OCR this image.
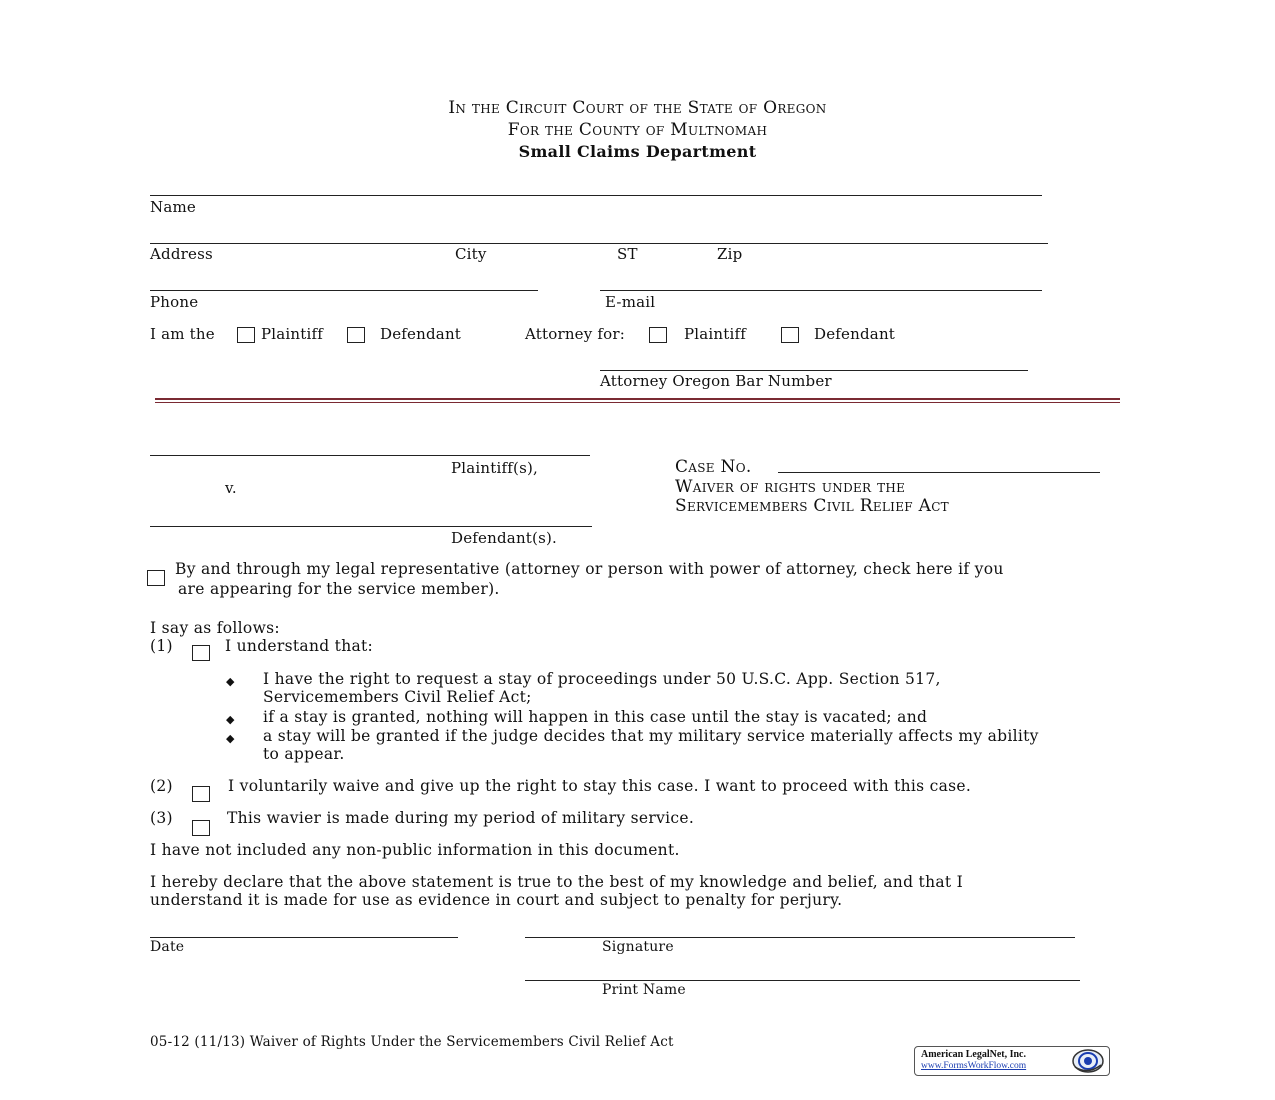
In the Circuit Court of the State of Oregon
For the County of Multnomah
Small Claims Department
Name
Address	City	ST	Zip
Phone	E-mail
I am the	Plaintiff	Defendant	Attorney for:	Plaintiff	Defendant
Attorney Oregon Bar Number
Plaintiff(s),
v.
Defendant(s).
Case No.
Waiver of rights under the
Servicemembers Civil Relief Act
By and through my legal representative (attorney or person with power of attorney, check here if you
are appearing for the service member).
I say as follows:
(1)	I understand that:
◆ I have the right to request a stay of proceedings under 50 U.S.C. App. Section 517,
Servicemembers Civil Relief Act;
◆ if a stay is granted, nothing will happen in this case until the stay is vacated; and
◆ a stay will be granted if the judge decides that my military service materially affects my ability
to appear.
(2)	I voluntarily waive and give up the right to stay this case. I want to proceed with this case.
(3)	This wavier is made during my period of military service.
I have not included any non-public information in this document.
I hereby declare that the above statement is true to the best of my knowledge and belief, and that I
understand it is made for use as evidence in court and subject to penalty for perjury.
Date	Signature
Print Name
05-12 (11/13) Waiver of Rights Under the Servicemembers Civil Relief Act
American LegalNet, Inc.
www.FormsWorkFlow.com
